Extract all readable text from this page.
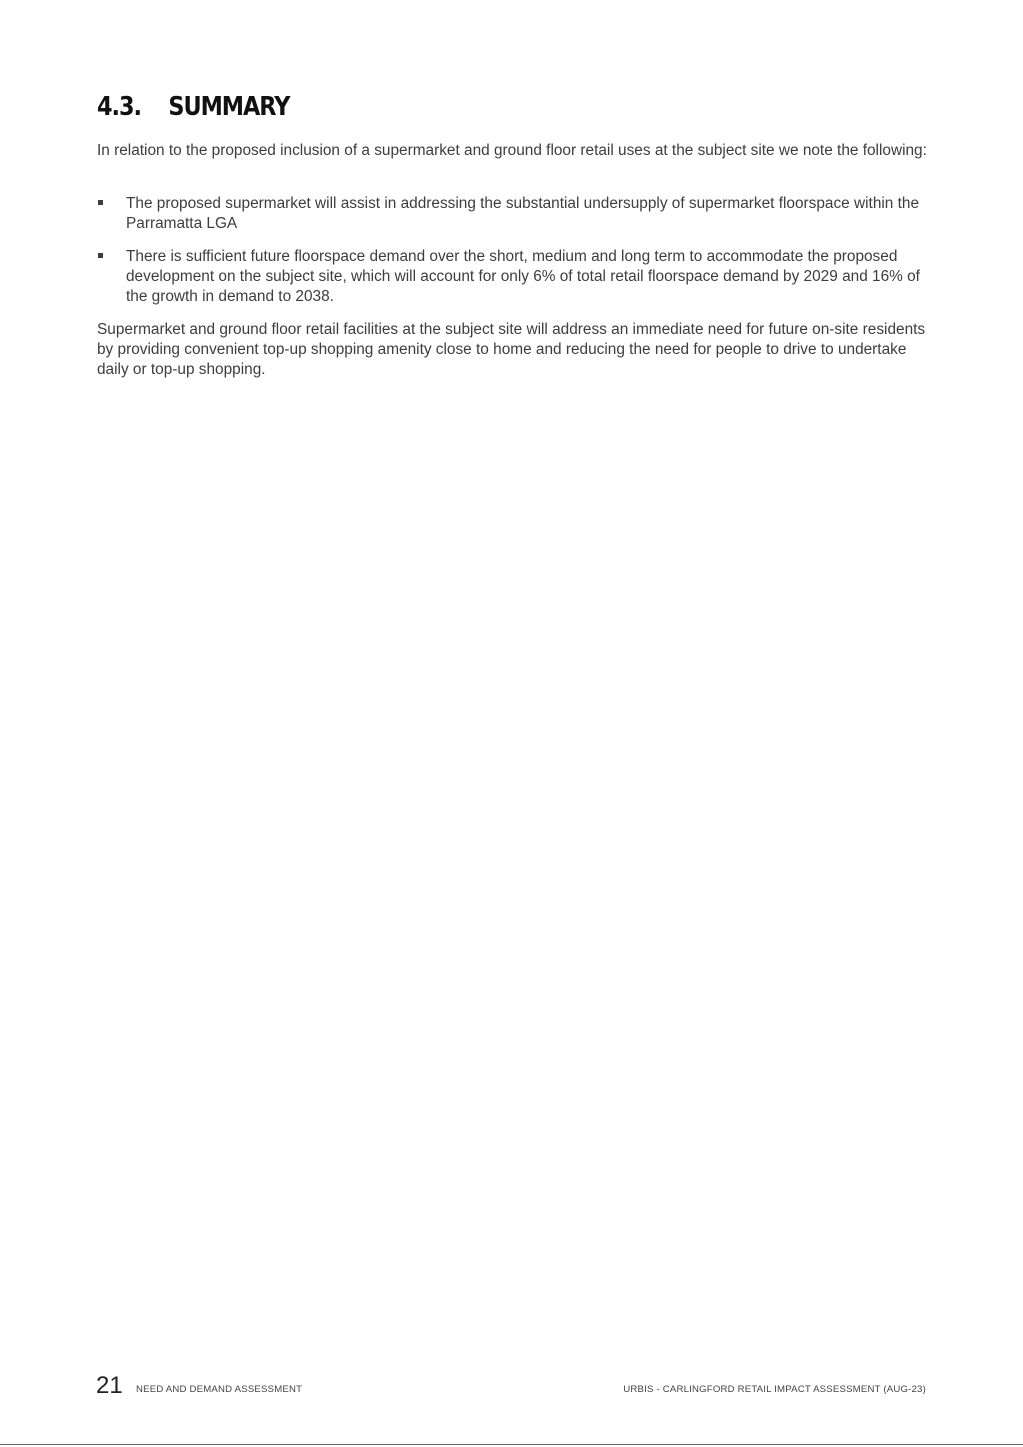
4.3. SUMMARY

In relation to the proposed inclusion of a supermarket and ground floor retail uses at the subject site we note the following:

The proposed supermarket will assist in addressing the substantial undersupply of supermarket floorspace within the Parramatta LGA
There is sufficient future floorspace demand over the short, medium and long term to accommodate the proposed development on the subject site, which will account for only 6% of total retail floorspace demand by 2029 and 16% of the growth in demand to 2038.

Supermarket and ground floor retail facilities at the subject site will address an immediate need for future on-site residents by providing convenient top-up shopping amenity close to home and reducing the need for people to drive to undertake daily or top-up shopping.

21 NEED AND DEMAND ASSESSMENT	URBIS - CARLINGFORD RETAIL IMPACT ASSESSMENT (AUG-23)
